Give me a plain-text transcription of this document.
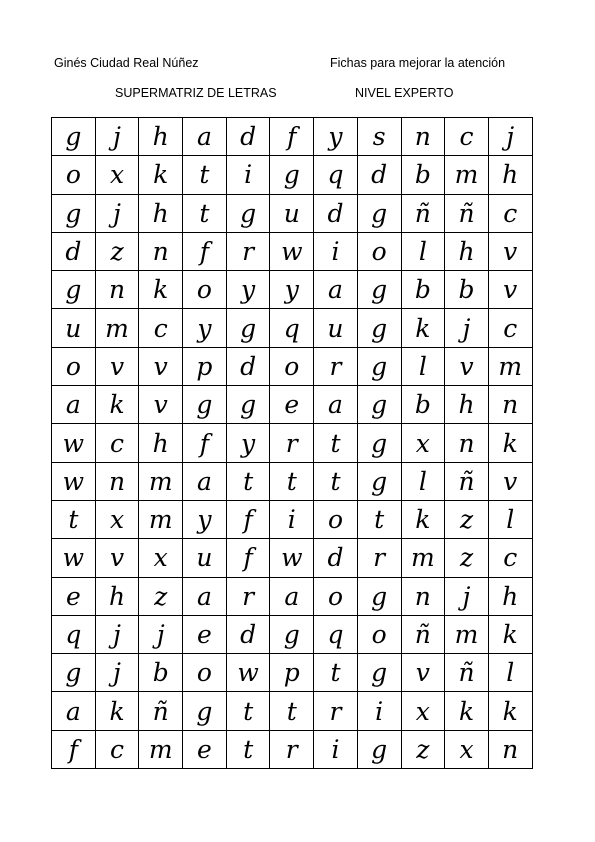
Ginés Ciudad Real Núñez	Fichas para mejorar la atención
SUPERMATRIZ DE LETRAS	NIVEL EXPERTO
g	j	h	a	d	f	y	s	n	c	j
o	x	k	t	i	g	q	d	b	m	h
g	j	h	t	g	u	d	g	ñ	ñ	c
d	z	n	f	r	w	i	o	l	h	v
g	n	k	o	y	y	a	g	b	b	v
u	m	c	y	g	q	u	g	k	j	c
o	v	v	p	d	o	r	g	l	v	m
a	k	v	g	g	e	a	g	b	h	n
w	c	h	f	y	r	t	g	x	n	k
w	n	m	a	t	t	t	g	l	ñ	v
t	x	m	y	f	i	o	t	k	z	l
w	v	x	u	f	w	d	r	m	z	c
e	h	z	a	r	a	o	g	n	j	h
q	j	j	e	d	g	q	o	ñ	m	k
g	j	b	o	w	p	t	g	v	ñ	l
a	k	ñ	g	t	t	r	i	x	k	k
f	c	m	e	t	r	i	g	z	x	n
